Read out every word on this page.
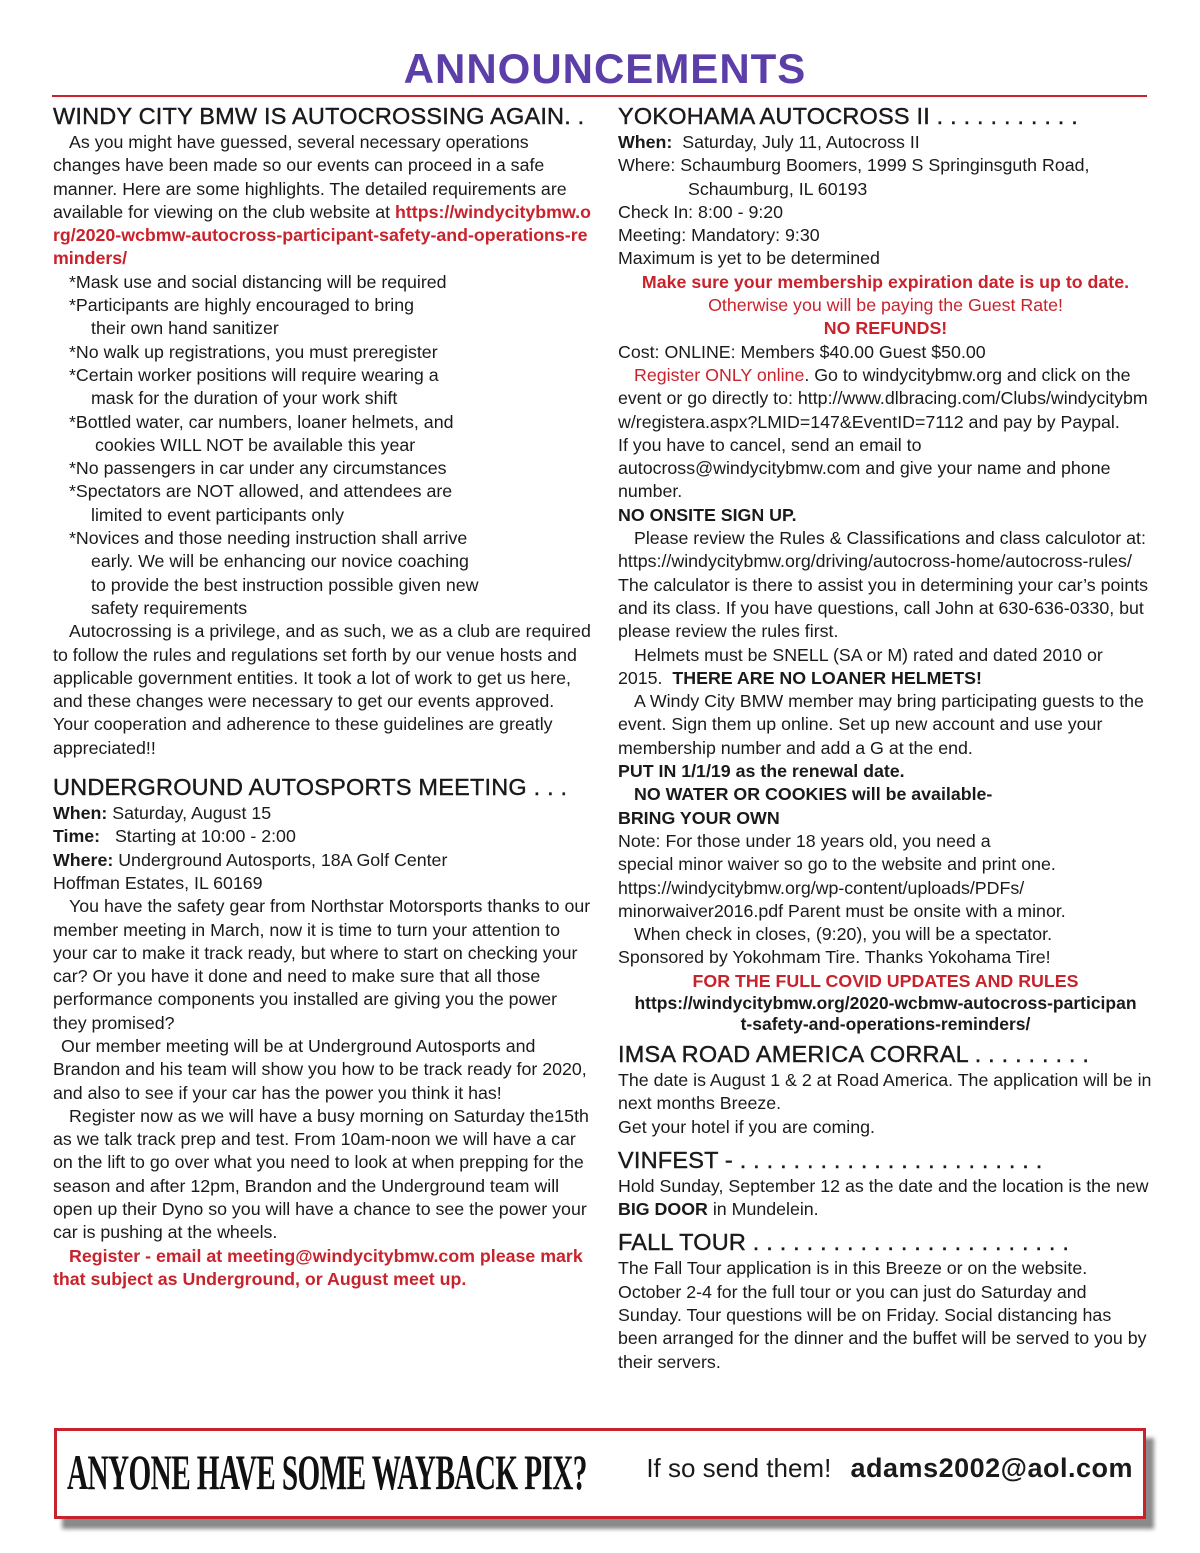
ANNOUNCEMENTS
WINDY CITY BMW IS AUTOCROSSING AGAIN. .

As you might have guessed, several necessary operations changes have been made so our events can proceed in a safe manner. Here are some highlights. The detailed requirements are available for viewing on the club website at https://windycitybmw.org/2020-wcbmw-autocross-participant-safety-and-operations-reminders/

*Mask use and social distancing will be required

*Participants are highly encouraged to bring

their own hand sanitizer

*No walk up registrations, you must preregister

*Certain worker positions will require wearing a

mask for the duration of your work shift

*Bottled water, car numbers, loaner helmets, and

cookies WILL NOT be available this year

*No passengers in car under any circumstances

*Spectators are NOT allowed, and attendees are

limited to event participants only

*Novices and those needing instruction shall arrive

early. We will be enhancing our novice coaching

to provide the best instruction possible given new

safety requirements

Autocrossing is a privilege, and as such, we as a club are required to follow the rules and regulations set forth by our venue hosts and applicable government entities. It took a lot of work to get us here, and these changes were necessary to get our events approved. Your cooperation and adherence to these guidelines are greatly appreciated!!

UNDERGROUND AUTOSPORTS MEETING . . .

When: Saturday, August 15

Time: Starting at 10:00 - 2:00

Where: Underground Autosports, 18A Golf Center

Hoffman Estates, IL 60169

You have the safety gear from Northstar Motorsports thanks to our member meeting in March, now it is time to turn your attention to your car to make it track ready, but where to start on checking your car? Or you have it done and need to make sure that all those performance components you installed are giving you the power they promised?

Our member meeting will be at Underground Autosports and Brandon and his team will show you how to be track ready for 2020, and also to see if your car has the power you think it has!

Register now as we will have a busy morning on Saturday the15th as we talk track prep and test. From 10am-noon we will have a car on the lift to go over what you need to look at when prepping for the season and after 12pm, Brandon and the Underground team will open up their Dyno so you will have a chance to see the power your car is pushing at the wheels.

Register - email at meeting@windycitybmw.com please mark that subject as Underground, or August meet up.

YOKOHAMA AUTOCROSS II . . . . . . . . . . .

When: Saturday, July 11, Autocross II

Where: Schaumburg Boomers, 1999 S Springinsguth Road,

Schaumburg, IL 60193

Check In: 8:00 - 9:20

Meeting: Mandatory: 9:30

Maximum is yet to be determined

Make sure your membership expiration date is up to date. Otherwise you will be paying the Guest Rate!

NO REFUNDS!

Cost: ONLINE: Members $40.00 Guest $50.00

Register ONLY online. Go to windycitybmw.org and click on the event or go directly to: http://www.dlbracing.com/Clubs/windycitybmw/registera.aspx?LMID=147&EventID=7112 and pay by Paypal.

If you have to cancel, send an email to autocross@windycitybmw.com and give your name and phone number.

NO ONSITE SIGN UP.

Please review the Rules & Classifications and class calculotor at: https://windycitybmw.org/driving/autocross-home/autocross-rules/ The calculator is there to assist you in determining your car’s points and its class. If you have questions, call John at 630-636-0330, but please review the rules first.

Helmets must be SNELL (SA or M) rated and dated 2010 or 2015. THERE ARE NO LOANER HELMETS!

A Windy City BMW member may bring participating guests to the event. Sign them up online. Set up new account and use your membership number and add a G at the end.

PUT IN 1/1/19 as the renewal date.

NO WATER OR COOKIES will be available-

BRING YOUR OWN

Note: For those under 18 years old, you need a

special minor waiver so go to the website and print one.

https://windycitybmw.org/wp-content/uploads/PDFs/

minorwaiver2016.pdf Parent must be onsite with a minor.

When check in closes, (9:20), you will be a spectator.

Sponsored by Yokohmam Tire. Thanks Yokohama Tire!

FOR THE FULL COVID UPDATES AND RULES

https://windycitybmw.org/2020-wcbmw-autocross-participant-safety-and-operations-reminders/

IMSA ROAD AMERICA CORRAL . . . . . . . . .

The date is August 1 & 2 at Road America. The application will be in next months Breeze.

Get your hotel if you are coming.

VINFEST - . . . . . . . . . . . . . . . . . . . . . . .

Hold Sunday, September 12 as the date and the location is the new BIG DOOR in Mundelein.

FALL TOUR . . . . . . . . . . . . . . . . . . . . . . . .

The Fall Tour application is in this Breeze or on the website. October 2-4 for the full tour or you can just do Saturday and Sunday. Tour questions will be on Friday. Social distancing has been arranged for the dinner and the buffet will be served to you by their servers.

ANYONE HAVE SOME WAYBACK PIX? If so send them! adams2002@aol.com
